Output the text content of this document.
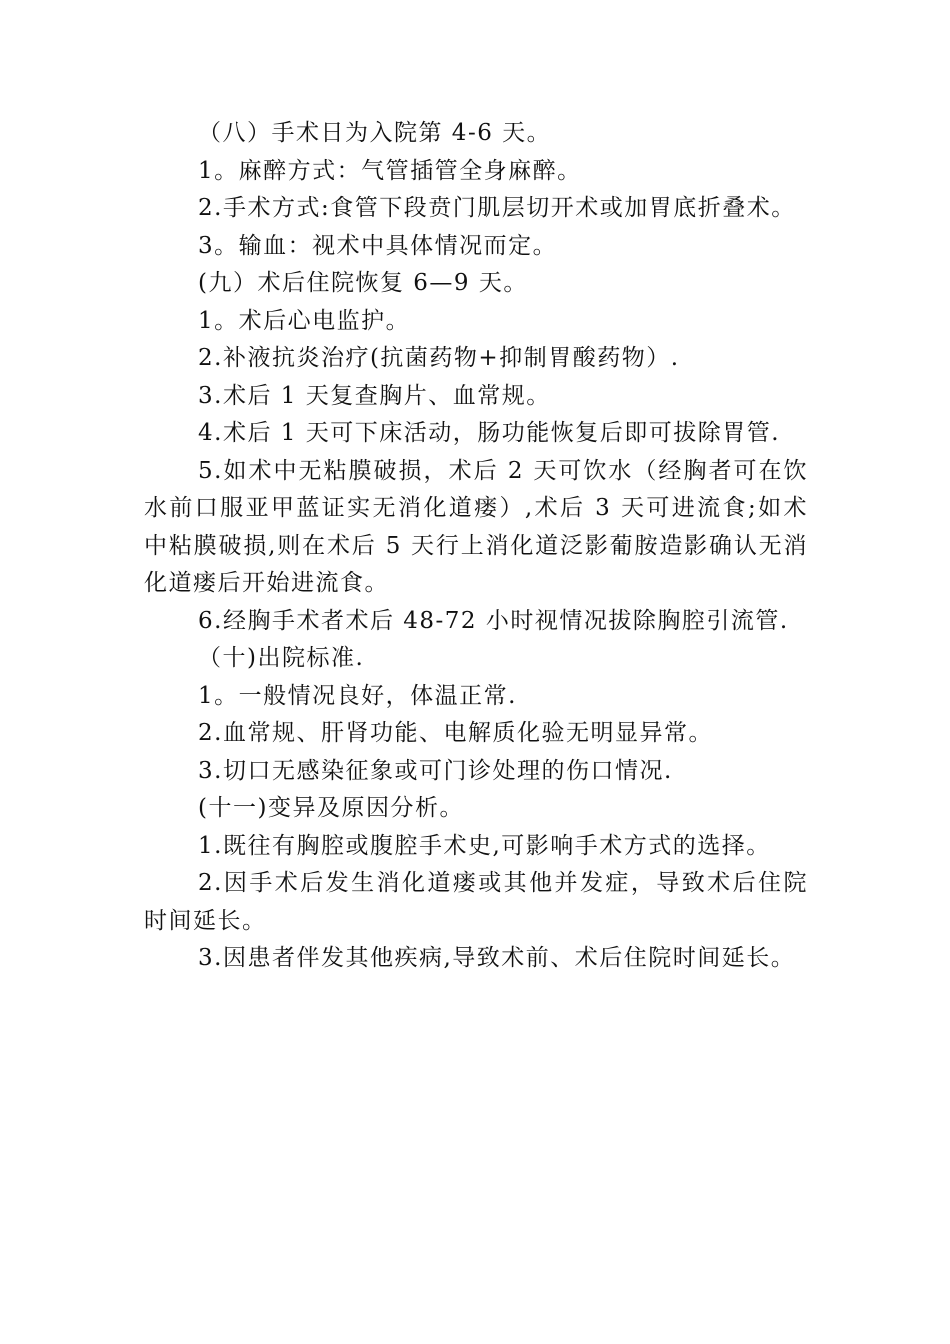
（八）手术日为入院第 4-6 天。

1。麻醉方式：气管插管全身麻醉。

2.手术方式:食管下段贲门肌层切开术或加胃底折叠术。

3。输血：视术中具体情况而定。

(九）术后住院恢复 6—9 天。

1。术后心电监护。

2.补液抗炎治疗(抗菌药物+抑制胃酸药物）.

3.术后 1 天复查胸片、血常规。

4.术后 1 天可下床活动，肠功能恢复后即可拔除胃管.

5.如术中无粘膜破损，术后 2 天可饮水（经胸者可在饮水前口服亚甲蓝证实无消化道瘘）,术后 3 天可进流食;如术中粘膜破损,则在术后 5 天行上消化道泛影葡胺造影确认无消化道瘘后开始进流食。

6.经胸手术者术后 48-72 小时视情况拔除胸腔引流管.

（十)出院标准.

1。一般情况良好，体温正常.

2.血常规、肝肾功能、电解质化验无明显异常。

3.切口无感染征象或可门诊处理的伤口情况.

(十一)变异及原因分析。

1.既往有胸腔或腹腔手术史,可影响手术方式的选择。

2.因手术后发生消化道瘘或其他并发症，导致术后住院时间延长。

3.因患者伴发其他疾病,导致术前、术后住院时间延长。
